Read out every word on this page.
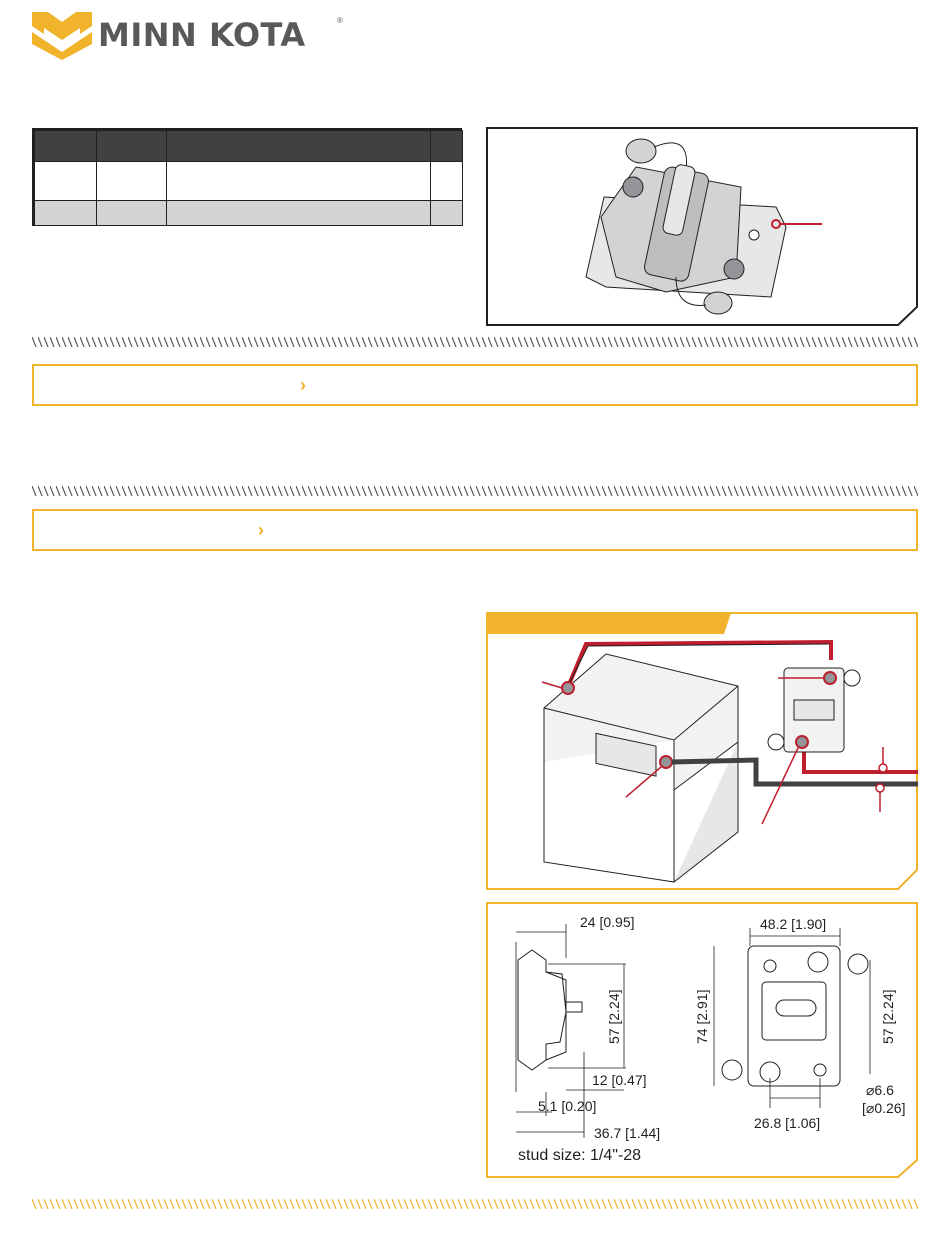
MINN KOTA	®

›
›
24 [0.95]
57 [2.24]
12 [0.47]
5.1 [0.20]
36.7 [1.44]
stud size: 1/4"-28
48.2 [1.90]
74 [2.91]	57 [2.24]
26.8 [1.06]
⌀6.6
[⌀0.26]
